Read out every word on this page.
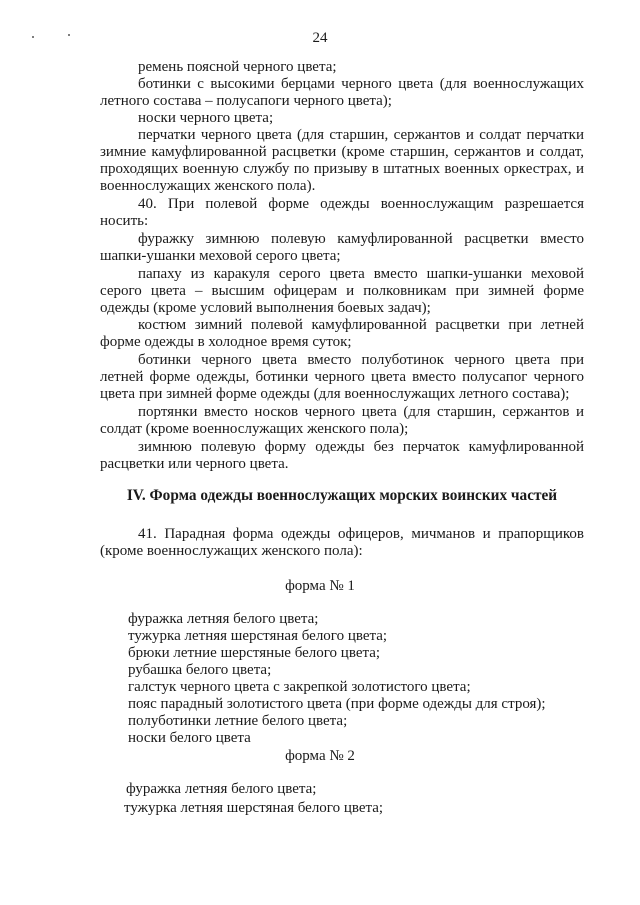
24

ремень поясной черного цвета;

ботинки с высокими берцами черного цвета (для военнослужащих летного состава – полусапоги черного цвета);

носки черного цвета;

перчатки черного цвета (для старшин, сержантов и солдат перчатки зимние камуфлированной расцветки (кроме старшин, сержантов и солдат, проходящих военную службу по призыву в штатных военных оркестрах, и военнослужащих женского пола).

40. При полевой форме одежды военнослужащим разрешается носить:

фуражку зимнюю полевую камуфлированной расцветки вместо шапки-ушанки меховой серого цвета;

папаху из каракуля серого цвета вместо шапки-ушанки меховой серого цвета – высшим офицерам и полковникам при зимней форме одежды (кроме условий выполнения боевых задач);

костюм зимний полевой камуфлированной расцветки при летней форме одежды в холодное время суток;

ботинки черного цвета вместо полуботинок черного цвета при летней форме одежды, ботинки черного цвета вместо полусапог черного цвета при зимней форме одежды (для военнослужащих летного состава);

портянки вместо носков черного цвета (для старшин, сержантов и солдат (кроме военнослужащих женского пола);

зимнюю полевую форму одежды без перчаток камуфлированной расцветки или черного цвета.

IV. Форма одежды военнослужащих морских воинских частей

41. Парадная форма одежды офицеров, мичманов и прапорщиков (кроме военнослужащих женского пола):

форма № 1
фуражка летняя белого цвета;
тужурка летняя шерстяная белого цвета;
брюки летние шерстяные белого цвета;
рубашка белого цвета;
галстук черного цвета с закрепкой золотистого цвета;
пояс парадный золотистого цвета (при форме одежды для строя);
полуботинки летние белого цвета;
носки белого цвета
форма № 2
фуражка летняя белого цвета;
тужурка летняя шерстяная белого цвета;
